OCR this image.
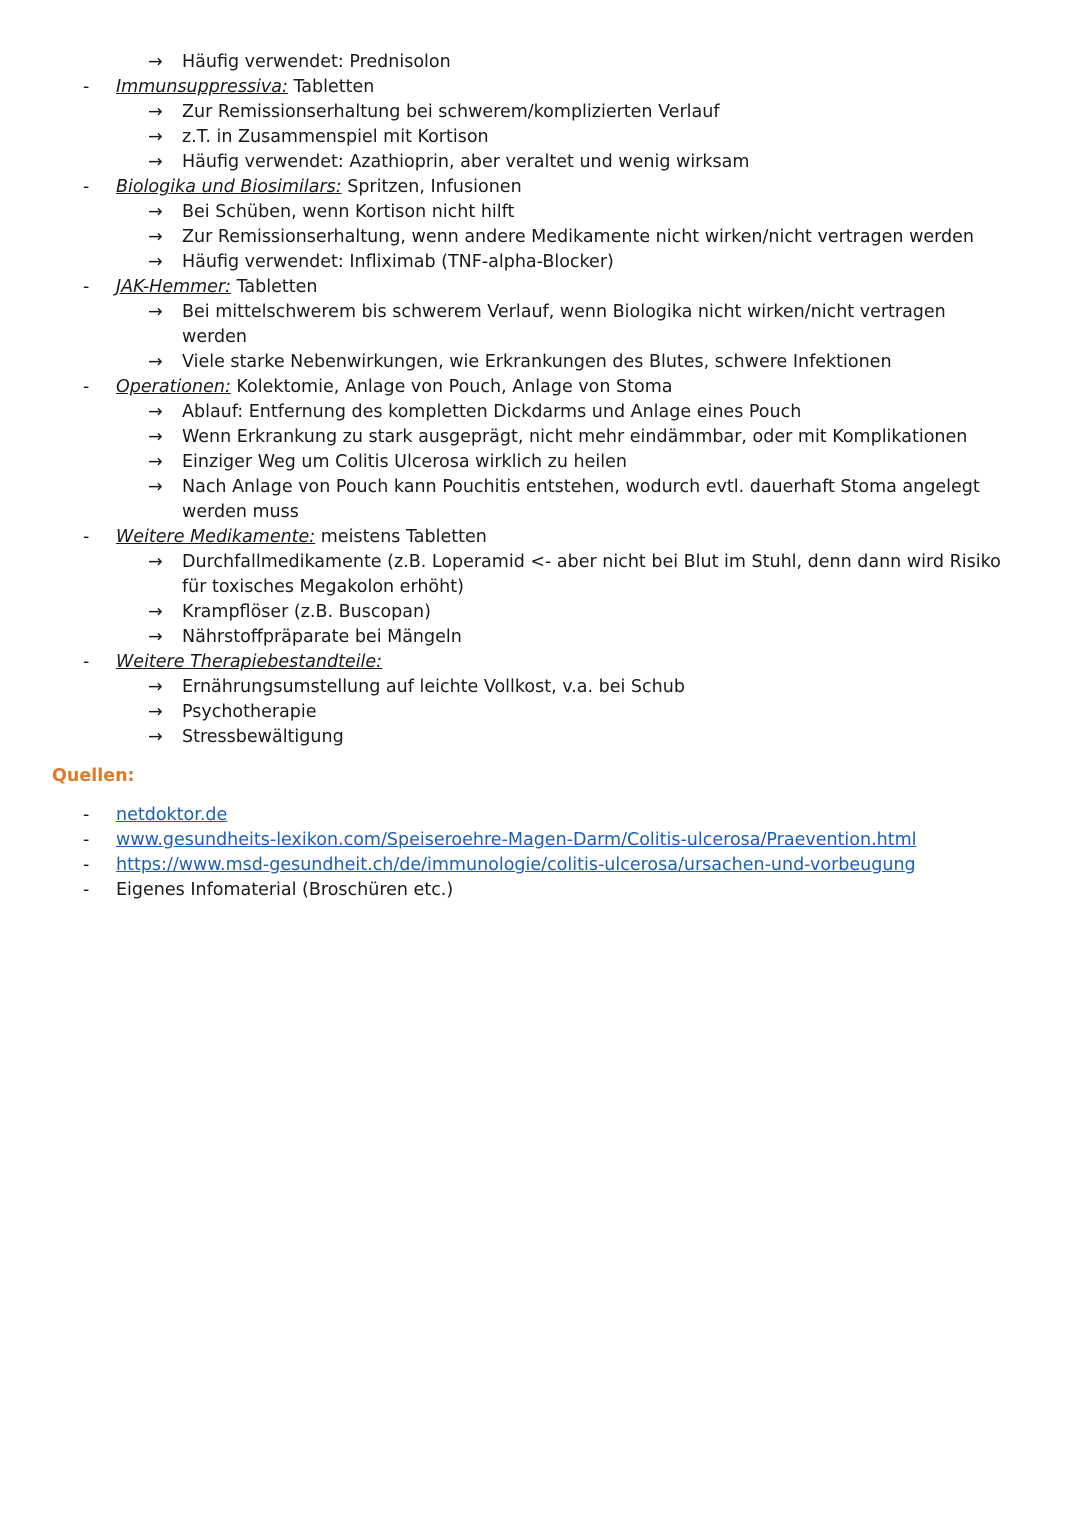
→ Häufig verwendet: Prednisolon
- Immunsuppressiva: Tabletten
→ Zur Remissionserhaltung bei schwerem/komplizierten Verlauf
→ z.T. in Zusammenspiel mit Kortison
→ Häufig verwendet: Azathioprin, aber veraltet und wenig wirksam
- Biologika und Biosimilars: Spritzen, Infusionen
→ Bei Schüben, wenn Kortison nicht hilft
→ Zur Remissionserhaltung, wenn andere Medikamente nicht wirken/nicht vertragen werden
→ Häufig verwendet: Infliximab (TNF-alpha-Blocker)
- JAK-Hemmer: Tabletten
→ Bei mittelschwerem bis schwerem Verlauf, wenn Biologika nicht wirken/nicht vertragen
werden
→ Viele starke Nebenwirkungen, wie Erkrankungen des Blutes, schwere Infektionen
- Operationen: Kolektomie, Anlage von Pouch, Anlage von Stoma
→ Ablauf: Entfernung des kompletten Dickdarms und Anlage eines Pouch
→ Wenn Erkrankung zu stark ausgeprägt, nicht mehr eindämmbar, oder mit Komplikationen
→ Einziger Weg um Colitis Ulcerosa wirklich zu heilen
→ Nach Anlage von Pouch kann Pouchitis entstehen, wodurch evtl. dauerhaft Stoma angelegt
werden muss
- Weitere Medikamente: meistens Tabletten
→ Durchfallmedikamente (z.B. Loperamid <- aber nicht bei Blut im Stuhl, denn dann wird Risiko
für toxisches Megakolon erhöht)
→ Krampflöser (z.B. Buscopan)
→ Nährstoffpräparate bei Mängeln
- Weitere Therapiebestandteile:
→ Ernährungsumstellung auf leichte Vollkost, v.a. bei Schub
→ Psychotherapie
→ Stressbewältigung
Quellen:
- netdoktor.de
- www.gesundheits-lexikon.com/Speiseroehre-Magen-Darm/Colitis-ulcerosa/Praevention.html
- https://www.msd-gesundheit.ch/de/immunologie/colitis-ulcerosa/ursachen-und-vorbeugung
- Eigenes Infomaterial (Broschüren etc.)
